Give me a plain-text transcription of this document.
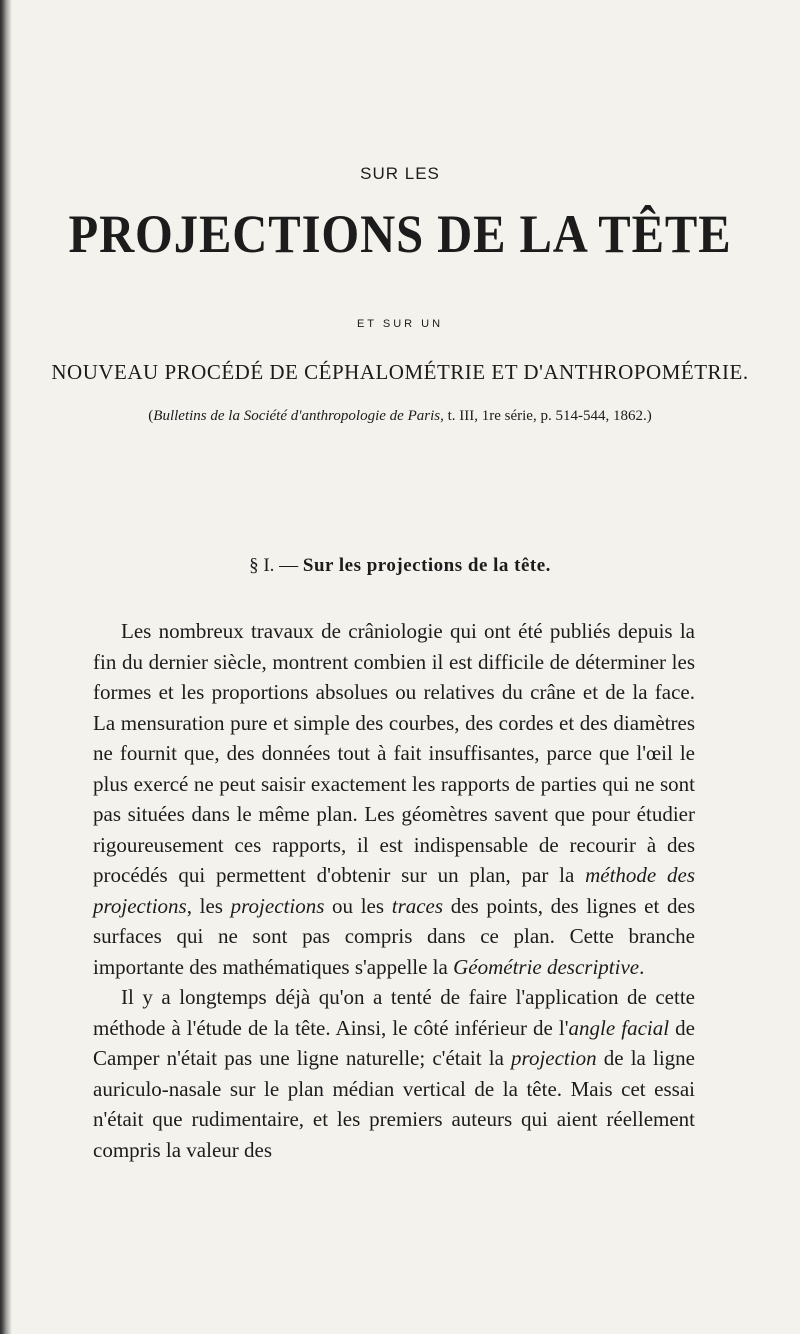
SUR LES
PROJECTIONS DE LA TÊTE
ET SUR UN
NOUVEAU PROCÉDÉ DE CÉPHALOMÉTRIE ET D'ANTHROPOMÉTRIE.
(Bulletins de la Société d'anthropologie de Paris, t. III, 1re série, p. 514-544, 1862.)
§ I. — Sur les projections de la tête.

Les nombreux travaux de crâniologie qui ont été publiés depuis la fin du dernier siècle, montrent combien il est difficile de déterminer les formes et les proportions absolues ou relatives du crâne et de la face. La mensuration pure et simple des courbes, des cordes et des diamètres ne fournit que, des données tout à fait insuffisantes, parce que l'œil le plus exercé ne peut saisir exactement les rapports de parties qui ne sont pas situées dans le même plan. Les géomètres savent que pour étudier rigoureusement ces rapports, il est indispensable de recourir à des procédés qui permettent d'obtenir sur un plan, par la méthode des projections, les projections ou les traces des points, des lignes et des surfaces qui ne sont pas compris dans ce plan. Cette branche importante des mathématiques s'appelle la Géométrie descriptive.

Il y a longtemps déjà qu'on a tenté de faire l'application de cette méthode à l'étude de la tête. Ainsi, le côté inférieur de l'angle facial de Camper n'était pas une ligne naturelle; c'était la projection de la ligne auriculo-nasale sur le plan médian vertical de la tête. Mais cet essai n'était que rudimentaire, et les premiers auteurs qui aient réellement compris la valeur des
